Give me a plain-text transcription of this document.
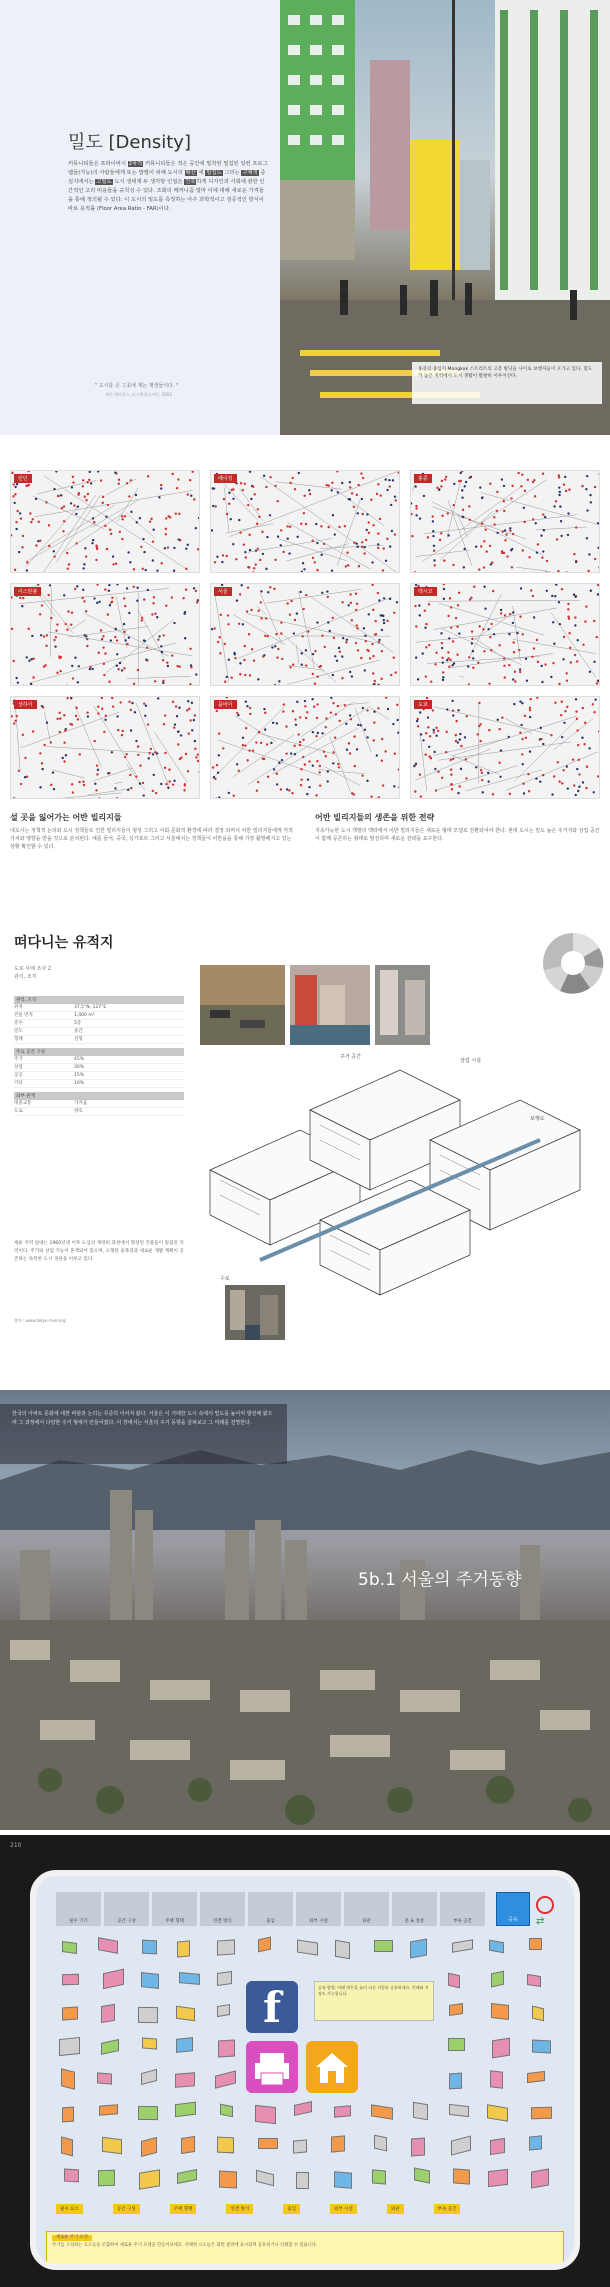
밀도 [Density]
커뮤니티들은 프라이버시 2차적 커뮤니티들은 적은 공간에 밀착된 밀집된 일련 프로그램들(가능)의 사람들에게 또는 밥벌이 위해 도시의 확산 에 밀집도 그리는 구체적 중심지에서는 고밀도 도시 생태계 두 생각방 인접은 건축하게 디자인과 사회에 관한 인간적인 고리 비용들을 규칙성 수 있다. 조화의 메커니즘 얼마 이에 대해 새로운 가격들을 통해 정의될 수 있다. 이 도시의 밀도를 측정하는 아주 과학적이고 검증적인 방식이 바로 용적률 (Floor Area Ratio - FAR)이다.
" 도시를 큰 그곳에 계는 재생들이다. "
제인 제이콥스, 도시환경디자인, 2003
홍콩의 중심지 Mongkok 스트리트의 고층 빌딩들 사이로 보행자들이 오가고 있다. 밀도가 높은 지역에서 도시 생활이 활발히 이루어진다.
런던	베이징	홍콩
이스탄불	서울	멕시코
상하이	뭄바이	도쿄
설 곳을 잃어가는 어반 빌리지들
대도시는 정책적 논의와 도시 정책들로 인한 빌리지들이 형성 그리고 사회 문화적 환경에 따라 결정 되며서 어반 빌리지들에게 각적 가치와 영향을 받을 것으로 분석된다. 예를 들어, 중국, 싱가포르 그리고 서울에서는 정책들이 어반을을 통해 가장 활발해지고 있는 상황 확인할 수 있다.
어반 빌리지들의 생존을 위한 전략
지속가능한 도시 개발의 맥락에서 어반 빌리지들은 새로운 형태 모델로 전환되어야 한다. 현대 도시는 밀도 높은 주거지와 상업 공간이 함께 공존하는 형태로 발전하며 새로운 전략을 요구한다.
떠다니는 유적지
도로 사례 조사 2
관리, 조직
관리, 조직
위치	37.5°N, 127°E
건물 면적	1,400 m²
층수	5층
밀도	중간
형태	선형
주요 공간 구성
주거	45%
상업	30%
공공	15%
기타	10%
외부 관계
대중교통	가까움
도로	양호
세운 지역 일대는 1960년대 이후 도심의 재정비 과정에서 형성된 건물들이 밀집된 지역이다. 주거와 상업 기능이 혼재되어 있으며, 오래된 골목길과 새로운 개발 계획이 공존하는 독특한 도시 경관을 이루고 있다.
출처 : www.tokyo-river.org
주거 공간
상업 시설
보행로
수로
한국의 아파트 문화에 대한 비판과 논의는 꾸준히 이어져 왔다. 서울은 이 거대한 도시 속에서 밀도를 높이며 발전해 왔으며 그 과정에서 다양한 주거 형태가 만들어졌다. 이 장에서는 서울의 주거 동향을 살펴보고 그 미래를 전망한다.
5b.1 서울의 주거동향
210
필수 기기	공간 구성	주택 형태	연결 방식	출입	외부 시설	외관	문 & 창문	부속 공간	공유 ⇄
f	공유 방법: 아래 버튼을 눌러 다른 사람과 공유하세요. 인쇄와 저장도 가능합니다.
필수 요소	공간 구성	주택 형태	연결 방식	출입	외부 시설	외관	부속 공간
새로운 주거 모델
주거를 구성하는 요소들을 조합하여 새로운 주거 모델을 만들어보세요. 선택한 요소들은 화면 중앙에 표시되며 공유하거나 인쇄할 수 있습니다.
